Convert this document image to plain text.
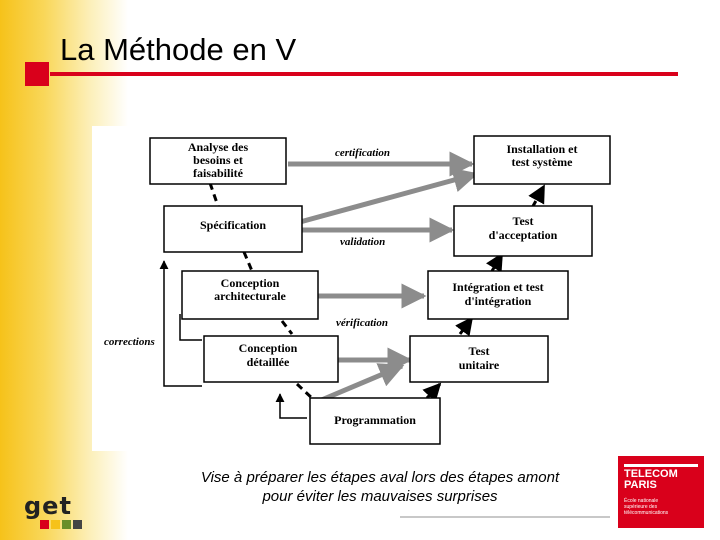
La Méthode en V
Analyse des
besoins et
faisabilité
Spécification
Conception
architecturale
Conception
détaillée
Programmation
Test
unitaire
Intégration et test
d'intégration
Test
d'acceptation
Installation et
test système
certification
validation
vérification
corrections
Vise à préparer les étapes aval lors des étapes amont
pour éviter les mauvaises surprises
get
TELECOM
PARIS
École nationale
supérieure des
télécommunications
